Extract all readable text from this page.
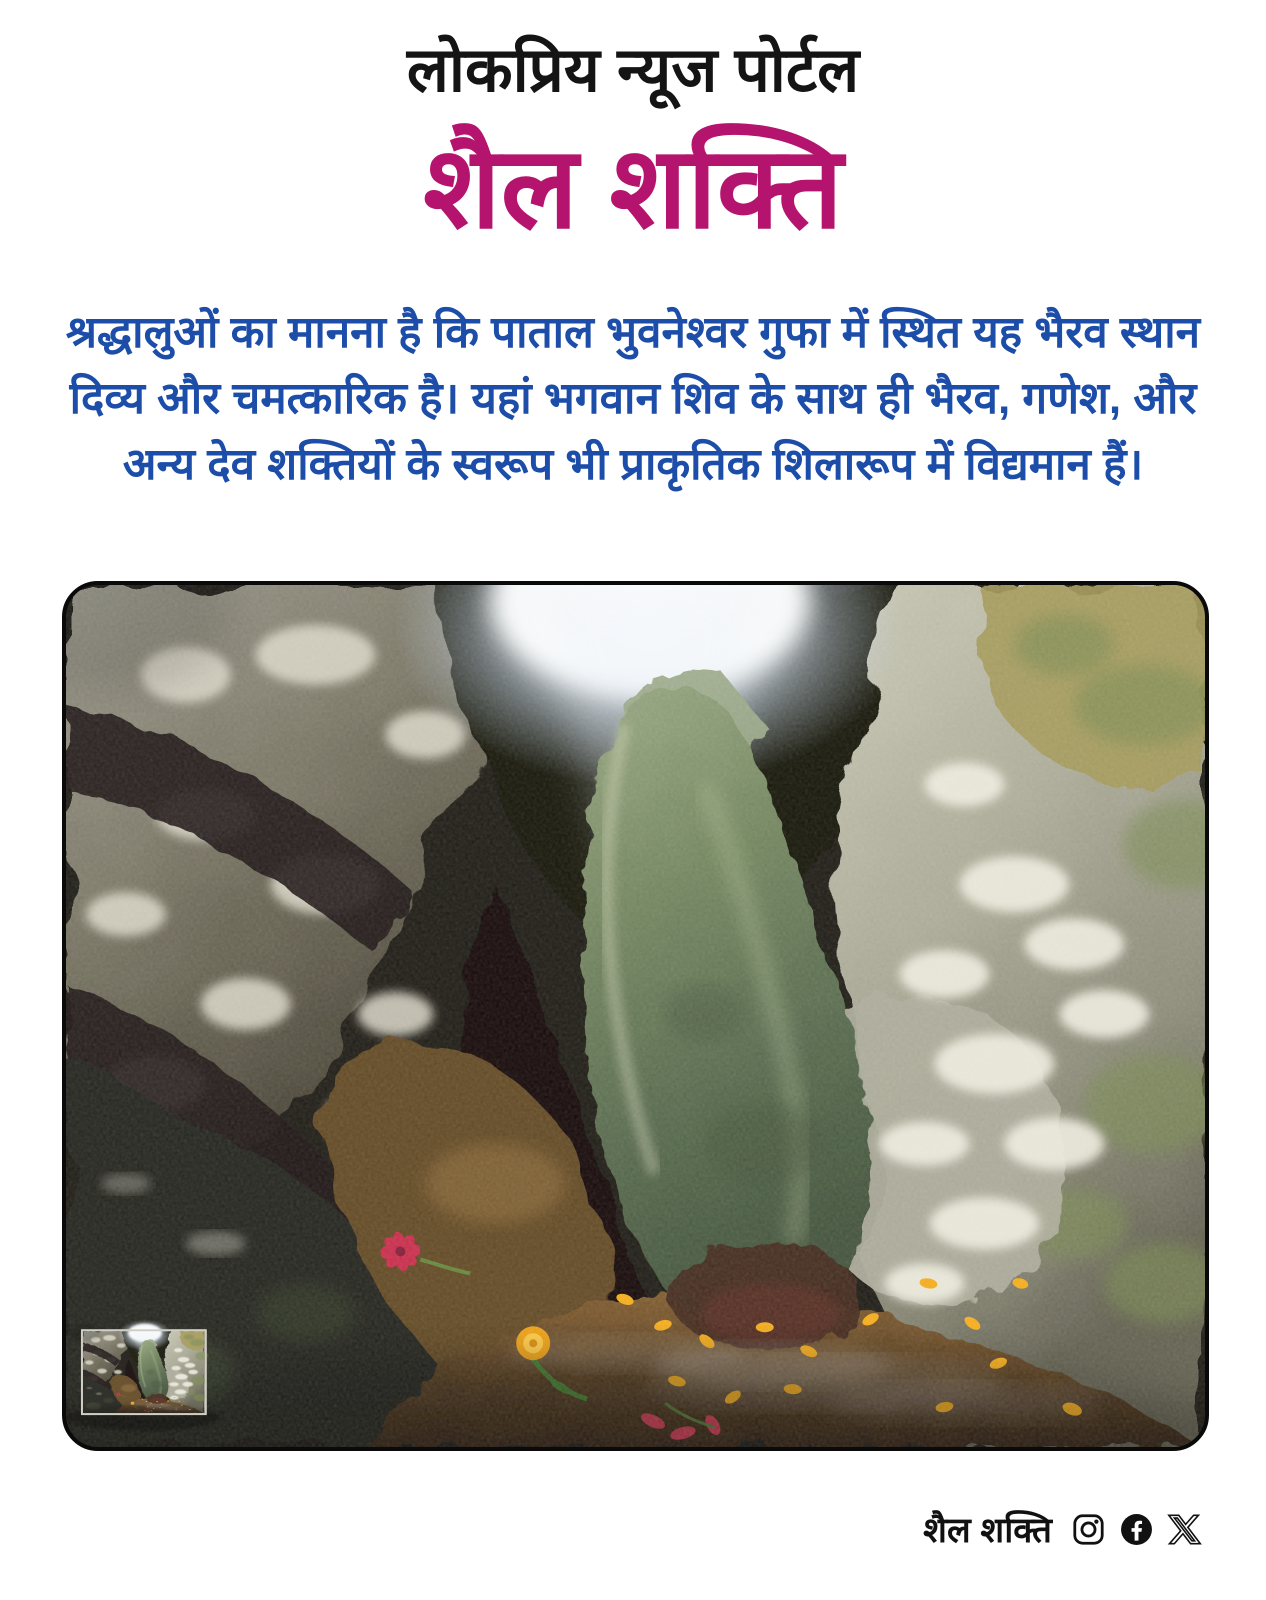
लोकप्रिय न्यूज पोर्टल
शैल शक्ति
श्रद्धालुओं का मानना है कि पाताल भुवनेश्वर गुफा में स्थित यह भैरव स्थान
दिव्य और चमत्कारिक है। यहां भगवान शिव के साथ ही भैरव, गणेश, और
अन्य देव शक्तियों के स्वरूप भी प्राकृतिक शिलारूप में विद्यमान हैं।
शैल शक्ति
